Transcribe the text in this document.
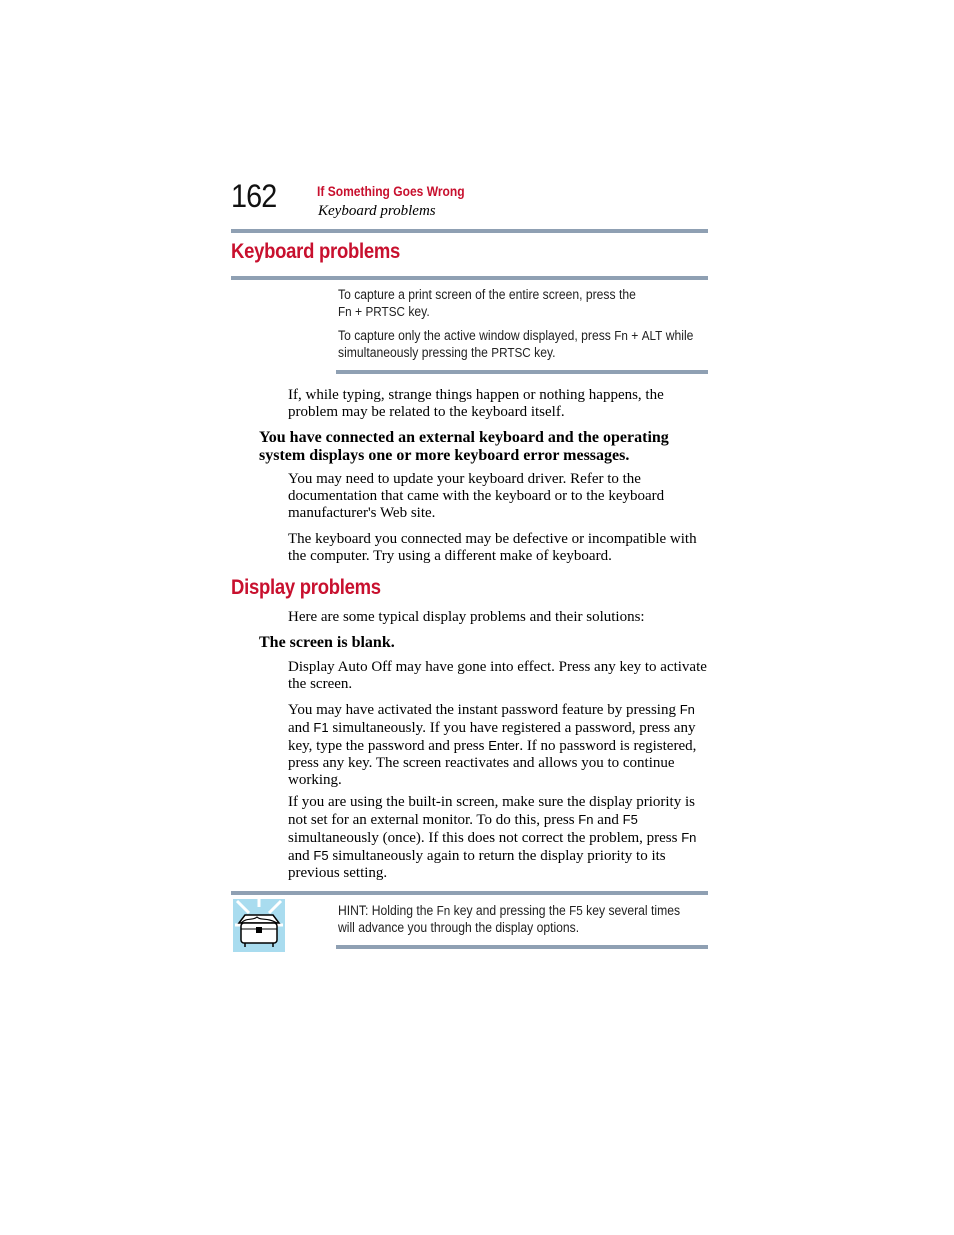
162	If Something Goes Wrong
Keyboard problems
Keyboard problems

To capture a print screen of the entire screen, press the
Fn + PRTSC key.

To capture only the active window displayed, press Fn + ALT while simultaneously pressing the PRTSC key.

If, while typing, strange things happen or nothing happens, the problem may be related to the keyboard itself.

You have connected an external keyboard and the operating system displays one or more keyboard error messages.

You may need to update your keyboard driver. Refer to the documentation that came with the keyboard or to the keyboard manufacturer's Web site.

The keyboard you connected may be defective or incompatible with the computer. Try using a different make of keyboard.

Display problems

Here are some typical display problems and their solutions:

The screen is blank.

Display Auto Off may have gone into effect. Press any key to activate the screen.

You may have activated the instant password feature by pressing Fn and F1 simultaneously. If you have registered a password, press any key, type the password and press Enter. If no password is registered, press any key. The screen reactivates and allows you to continue working.

If you are using the built-in screen, make sure the display priority is not set for an external monitor. To do this, press Fn and F5 simultaneously (once). If this does not correct the problem, press Fn and F5 simultaneously again to return the display priority to its previous setting.

HINT: Holding the Fn key and pressing the F5 key several times will advance you through the display options.
